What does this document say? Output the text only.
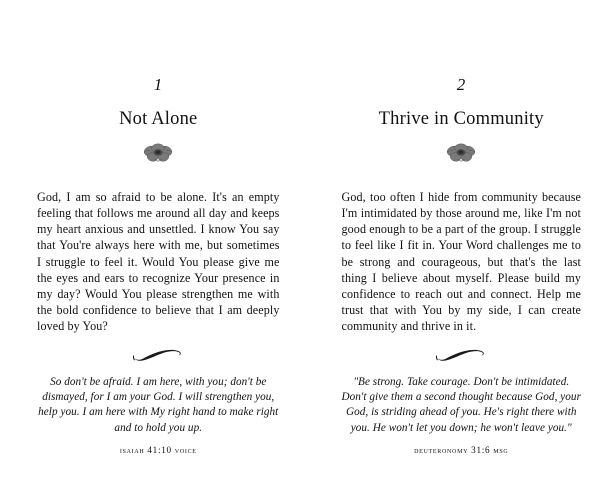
1
Not Alone
God, I am so afraid to be alone. It's an empty feeling that follows me around all day and keeps my heart anxious and unsettled. I know You say that You're always here with me, but sometimes I struggle to feel it. Would You please give me the eyes and ears to recognize Your presence in my day? Would You please strengthen me with the bold confidence to believe that I am deeply loved by You?
So don't be afraid. I am here, with you; don't be dismayed, for I am your God. I will strengthen you, help you. I am here with My right hand to make right and to hold you up.
isaiah 41:10 voice
2
Thrive in Community
God, too often I hide from community because I'm intimidated by those around me, like I'm not good enough to be a part of the group. I struggle to feel like I fit in. Your Word challenges me to be strong and courageous, but that's the last thing I believe about myself. Please build my confidence to reach out and connect. Help me trust that with You by my side, I can create community and thrive in it.
"Be strong. Take courage. Don't be intimidated. Don't give them a second thought because God, your God, is striding ahead of you. He's right there with you. He won't let you down; he won't leave you."
deuteronomy 31:6 msg
